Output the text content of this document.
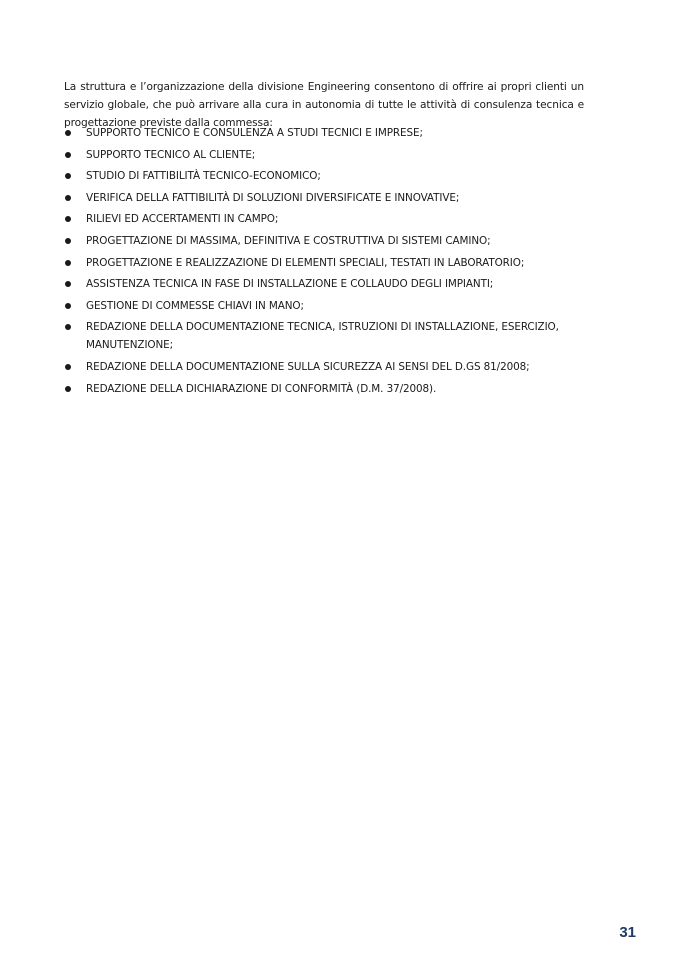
La struttura e l’organizzazione della divisione Engineering consentono di offrire ai propri clienti un servizio globale, che può arrivare alla cura in autonomia di tutte le attività di consulenza tecnica e progettazione previste dalla commessa:

SUPPORTO TECNICO E CONSULENZA A STUDI TECNICI E IMPRESE;
SUPPORTO TECNICO AL CLIENTE;
STUDIO DI FATTIBILITÀ TECNICO-ECONOMICO;
VERIFICA DELLA FATTIBILITÀ DI SOLUZIONI DIVERSIFICATE E INNOVATIVE;
RILIEVI ED ACCERTAMENTI IN CAMPO;
PROGETTAZIONE DI MASSIMA, DEFINITIVA E COSTRUTTIVA DI SISTEMI CAMINO;
PROGETTAZIONE E REALIZZAZIONE DI ELEMENTI SPECIALI, TESTATI IN LABORATORIO;
ASSISTENZA TECNICA IN FASE DI INSTALLAZIONE E COLLAUDO DEGLI IMPIANTI;
GESTIONE DI COMMESSE CHIAVI IN MANO;
REDAZIONE DELLA DOCUMENTAZIONE TECNICA, ISTRUZIONI DI INSTALLAZIONE, ESERCIZIO, MANUTENZIONE;
REDAZIONE DELLA DOCUMENTAZIONE SULLA SICUREZZA AI SENSI DEL D.GS 81/2008;
REDAZIONE DELLA DICHIARAZIONE DI CONFORMITÀ (D.M. 37/2008).
31
